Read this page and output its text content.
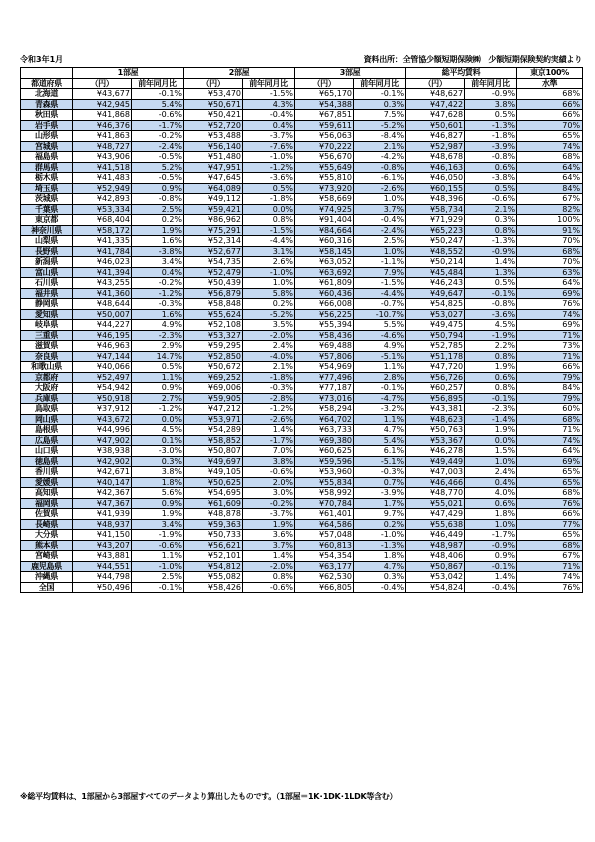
令和3年1月	資料出所：全管協少額短期保険㈱　少額短期保険契約実績より
	1部屋		2部屋		3部屋		総平均賃料		東京100%
都道府県	（円）	前年同月比	（円）	前年同月比	（円）	前年同月比	（円）	前年同月比	水準
北海道	¥43,677	-0.1%	¥53,470	-1.5%	¥65,170	-0.1%	¥48,627	-0.9%	68%
青森県	¥42,945	5.4%	¥50,671	4.3%	¥54,388	0.3%	¥47,422	3.8%	66%
秋田県	¥41,868	-0.6%	¥50,421	-0.4%	¥67,851	7.5%	¥47,628	0.5%	66%
岩手県	¥46,376	-1.7%	¥52,720	0.4%	¥59,611	-5.2%	¥50,601	-1.3%	70%
山形県	¥41,863	-0.2%	¥53,488	-3.7%	¥56,063	-8.4%	¥46,827	-1.8%	65%
宮城県	¥48,727	-2.4%	¥56,140	-7.6%	¥70,222	2.1%	¥52,987	-3.9%	74%
福島県	¥43,906	-0.5%	¥51,480	-1.0%	¥56,670	-4.2%	¥48,678	-0.8%	68%
群馬県	¥41,518	5.2%	¥47,951	-1.2%	¥55,649	-0.8%	¥46,163	0.6%	64%
栃木県	¥41,483	-0.5%	¥47,645	-3.6%	¥55,810	-6.1%	¥46,050	-3.8%	64%
埼玉県	¥52,949	0.9%	¥64,089	0.5%	¥73,920	-2.6%	¥60,155	0.5%	84%
茨城県	¥42,893	-0.8%	¥49,112	-1.8%	¥58,669	1.0%	¥48,396	-0.6%	67%
千葉県	¥53,334	2.5%	¥59,421	0.0%	¥74,925	3.7%	¥58,734	2.1%	82%
東京都	¥68,404	0.2%	¥86,962	0.8%	¥91,404	-0.4%	¥71,929	0.3%	100%
神奈川県	¥58,172	1.9%	¥75,291	-1.5%	¥84,664	-2.4%	¥65,223	0.8%	91%
山梨県	¥41,335	1.6%	¥52,314	-4.4%	¥60,316	2.5%	¥50,247	-1.3%	70%
長野県	¥41,784	-3.8%	¥52,677	3.1%	¥58,145	1.0%	¥48,552	-0.9%	68%
新潟県	¥46,023	3.4%	¥54,735	2.6%	¥63,052	-1.1%	¥50,214	1.4%	70%
富山県	¥41,394	0.4%	¥52,479	-1.0%	¥63,692	7.9%	¥45,484	1.3%	63%
石川県	¥43,255	-0.2%	¥50,439	1.0%	¥61,809	-1.5%	¥46,243	0.5%	64%
福井県	¥41,360	-1.2%	¥56,879	5.8%	¥60,436	-4.4%	¥49,647	-0.1%	69%
静岡県	¥48,644	-0.3%	¥58,848	0.2%	¥66,008	-0.7%	¥54,825	-0.8%	76%
愛知県	¥50,007	1.6%	¥55,624	-5.2%	¥56,225	-10.7%	¥53,027	-3.6%	74%
岐阜県	¥44,227	4.9%	¥52,108	3.5%	¥55,394	5.5%	¥49,475	4.5%	69%
三重県	¥46,195	-2.3%	¥53,327	-2.0%	¥58,436	-4.6%	¥50,794	-1.9%	71%
滋賀県	¥46,963	2.9%	¥59,295	2.4%	¥69,488	4.9%	¥52,785	2.2%	73%
奈良県	¥47,144	14.7%	¥52,850	-4.0%	¥57,806	-5.1%	¥51,178	0.8%	71%
和歌山県	¥40,066	0.5%	¥50,672	2.1%	¥54,969	1.1%	¥47,720	1.9%	66%
京都府	¥52,497	1.1%	¥69,252	-1.8%	¥77,496	2.8%	¥56,726	0.6%	79%
大阪府	¥54,942	0.9%	¥69,006	-0.3%	¥77,187	-0.1%	¥60,257	0.8%	84%
兵庫県	¥50,918	2.7%	¥59,905	-2.8%	¥73,016	-4.7%	¥56,895	-0.1%	79%
鳥取県	¥37,912	-1.2%	¥47,212	-1.2%	¥58,294	-3.2%	¥43,381	-2.3%	60%
岡山県	¥43,672	0.0%	¥53,971	-2.6%	¥64,702	1.1%	¥48,623	-1.4%	68%
島根県	¥44,996	4.5%	¥54,289	1.4%	¥63,733	4.7%	¥50,763	1.9%	71%
広島県	¥47,902	0.1%	¥58,852	-1.7%	¥69,380	5.4%	¥53,367	0.0%	74%
山口県	¥38,938	-3.0%	¥50,807	7.0%	¥60,625	6.1%	¥46,278	1.5%	64%
徳島県	¥42,902	0.3%	¥49,697	3.8%	¥59,596	-5.1%	¥49,449	1.0%	69%
香川県	¥42,671	3.8%	¥49,105	-0.6%	¥53,960	-0.3%	¥47,003	2.4%	65%
愛媛県	¥40,147	1.8%	¥50,625	2.0%	¥55,834	0.7%	¥46,466	0.4%	65%
高知県	¥42,367	5.6%	¥54,695	3.0%	¥58,992	-3.9%	¥48,770	4.0%	68%
福岡県	¥47,367	0.9%	¥61,609	-0.2%	¥70,784	1.7%	¥55,021	0.6%	76%
佐賀県	¥41,939	1.9%	¥48,878	-3.7%	¥61,401	9.7%	¥47,429	1.8%	66%
長崎県	¥48,937	3.4%	¥59,363	1.9%	¥64,586	0.2%	¥55,638	1.0%	77%
大分県	¥41,150	-1.9%	¥50,733	3.6%	¥57,048	-1.0%	¥46,449	-1.7%	65%
熊本県	¥43,207	-0.6%	¥56,621	3.7%	¥60,813	-1.3%	¥48,987	-0.9%	68%
宮崎県	¥43,881	1.1%	¥52,101	1.4%	¥54,354	1.8%	¥48,406	0.9%	67%
鹿児島県	¥44,551	-1.0%	¥54,812	-2.0%	¥63,177	4.7%	¥50,867	-0.1%	71%
沖縄県	¥44,798	2.5%	¥55,082	0.8%	¥62,530	0.3%	¥53,042	1.4%	74%
全国	¥50,496	-0.1%	¥58,426	-0.6%	¥66,805	-0.4%	¥54,824	-0.4%	76%
※総平均賃料は、1部屋から3部屋すべてのデータより算出したものです。（1部屋＝1K･1DK･1LDK等含む）
